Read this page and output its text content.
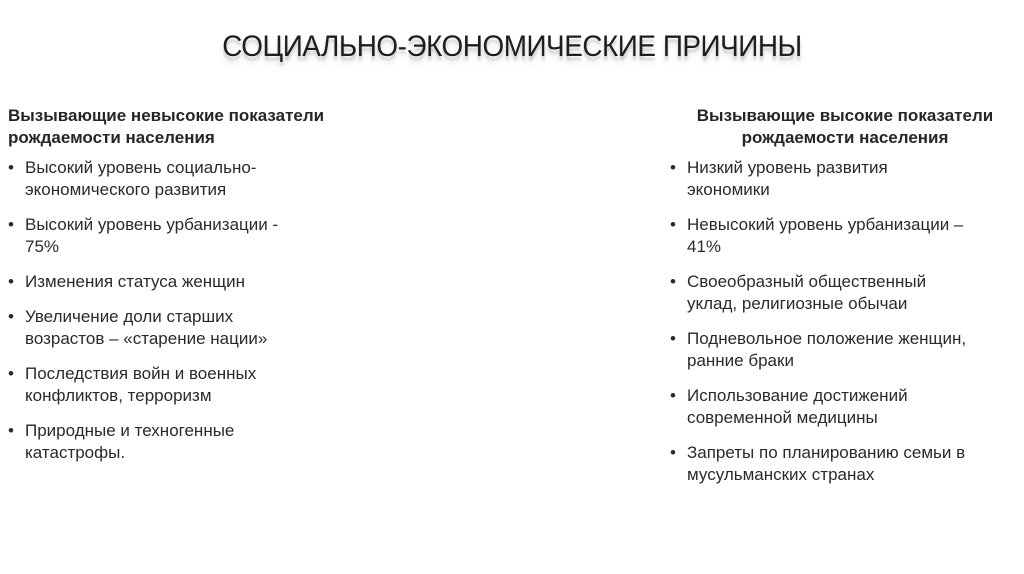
СОЦИАЛЬНО-ЭКОНОМИЧЕСКИЕ ПРИЧИНЫ
Вызывающие невысокие показатели
рождаемости населения
• Высокий уровень социально-
экономического развития
• Высокий уровень урбанизации -
75%
• Изменения статуса женщин
• Увеличение доли старших
возрастов – «старение нации»
• Последствия войн и военных
конфликтов, терроризм
• Природные и техногенные
катастрофы.
Вызывающие высокие показатели
рождаемости населения
• Низкий уровень развития
экономики
• Невысокий уровень урбанизации –
41%
• Своеобразный общественный
уклад, религиозные обычаи
• Подневольное положение женщин,
ранние браки
• Использование достижений
современной медицины
• Запреты по планированию семьи в
мусульманских странах
